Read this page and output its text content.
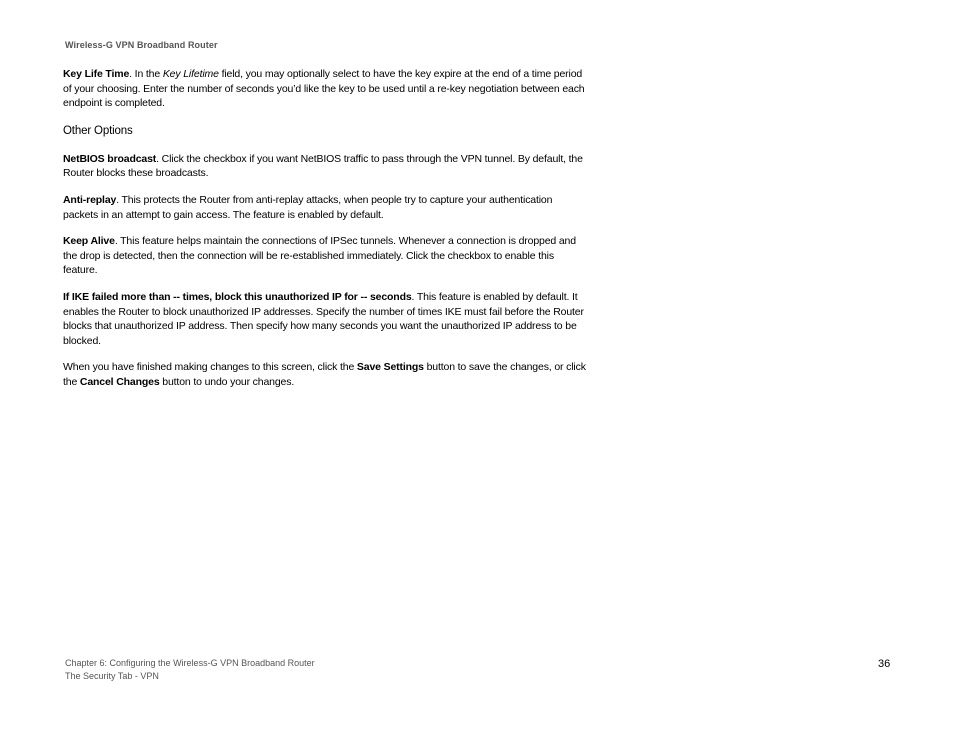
Wireless-G VPN Broadband Router

Key Life Time. In the Key Lifetime field, you may optionally select to have the key expire at the end of a time period of your choosing. Enter the number of seconds you’d like the key to be used until a re-key negotiation between each endpoint is completed.

Other Options

NetBIOS broadcast. Click the checkbox if you want NetBIOS traffic to pass through the VPN tunnel. By default, the Router blocks these broadcasts.

Anti-replay. This protects the Router from anti-replay attacks, when people try to capture your authentication packets in an attempt to gain access. The feature is enabled by default.

Keep Alive. This feature helps maintain the connections of IPSec tunnels. Whenever a connection is dropped and the drop is detected, then the connection will be re-established immediately. Click the checkbox to enable this feature.

If IKE failed more than -- times, block this unauthorized IP for -- seconds. This feature is enabled by default. It enables the Router to block unauthorized IP addresses. Specify the number of times IKE must fail before the Router blocks that unauthorized IP address. Then specify how many seconds you want the unauthorized IP address to be blocked.

When you have finished making changes to this screen, click the Save Settings button to save the changes, or click the Cancel Changes button to undo your changes.

Chapter 6: Configuring the Wireless-G VPN Broadband Router
The Security Tab - VPN
36
